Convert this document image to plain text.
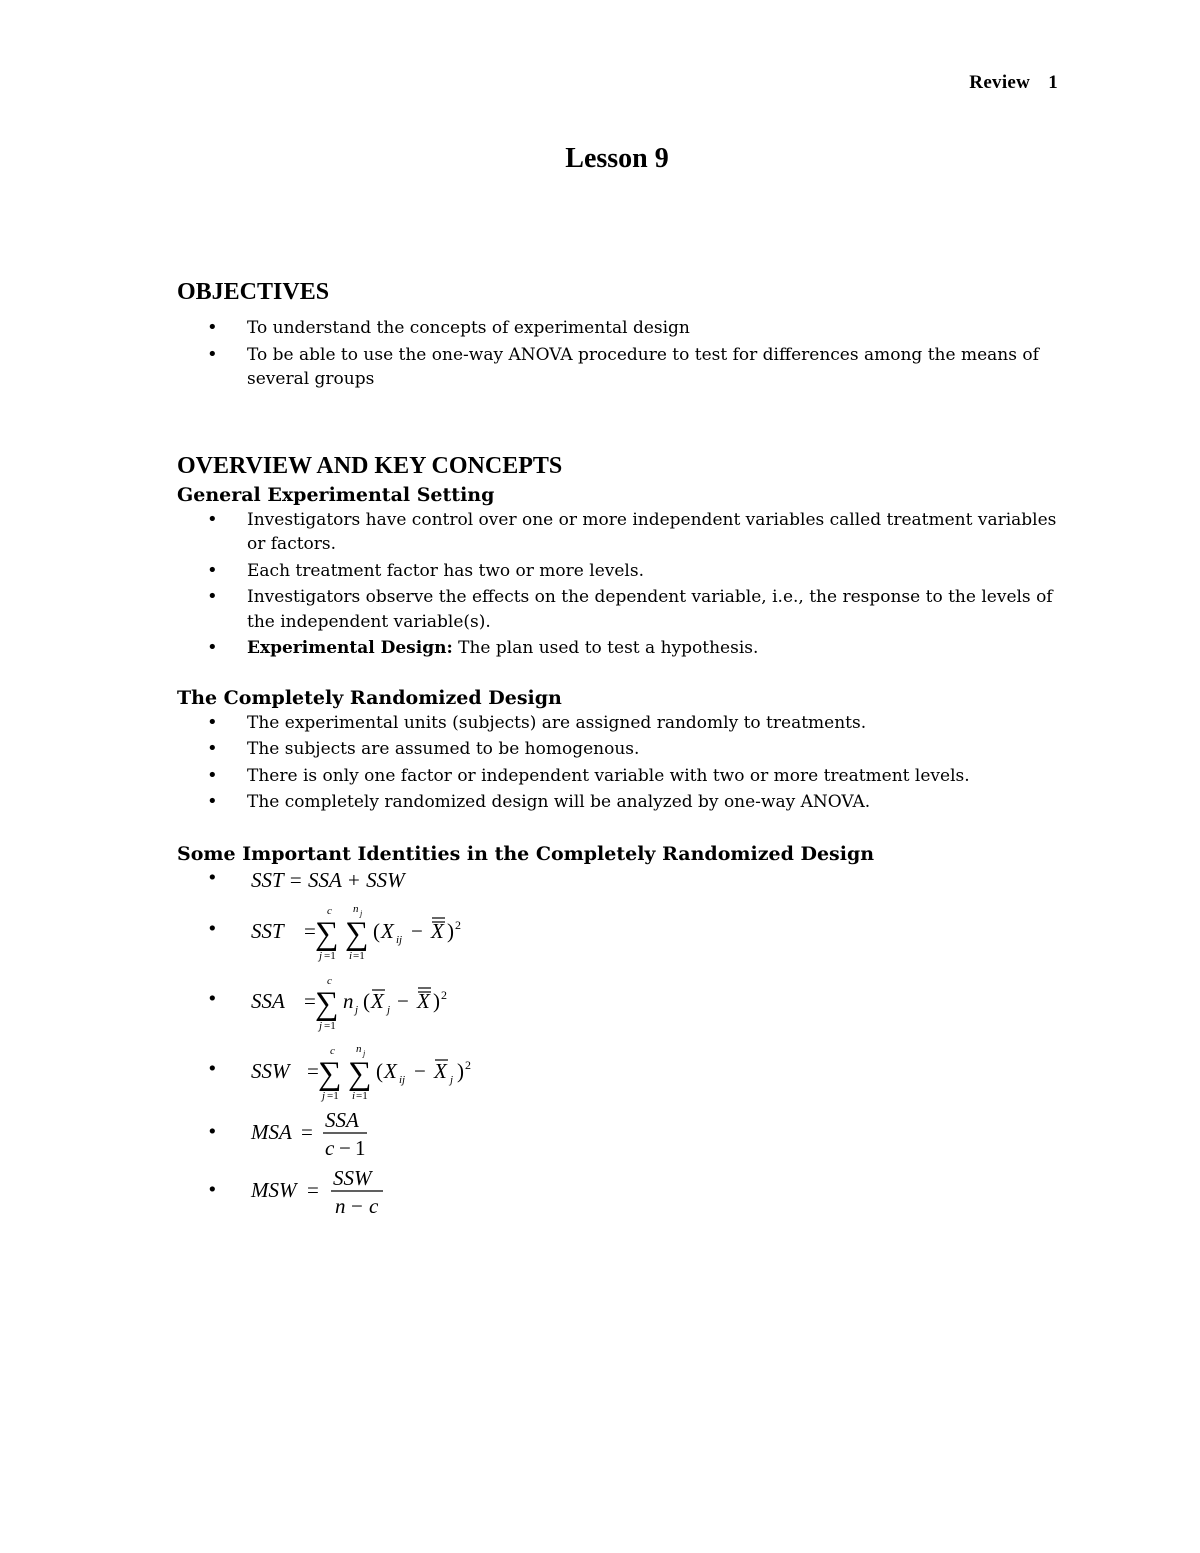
Review 1
Lesson 9
OBJECTIVES
• To understand the concepts of experimental design
• To be able to use the one-way ANOVA procedure to test for differences among the means of several groups
OVERVIEW AND KEY CONCEPTS
General Experimental Setting
• Investigators have control over one or more independent variables called treatment variables or factors.
• Each treatment factor has two or more levels.
• Investigators observe the effects on the dependent variable, i.e., the response to the levels of the independent variable(s).
• Experimental Design: The plan used to test a hypothesis.
The Completely Randomized Design
• The experimental units (subjects) are assigned randomly to treatments.
• The subjects are assumed to be homogenous.
• There is only one factor or independent variable with two or more treatment levels.
• The completely randomized design will be analyzed by one-way ANOVA.
Some Important Identities in the Completely Randomized Design
• SST = SSA + SSW
• SST =
c
∑
j =1
n j
∑
i =1
( X ij − X ) 2
• SSA =
c
∑
j =1
n j ( X j − X ) 2
• SSW =
c
∑
j =1
n j
∑
i =1
( X ij − X j ) 2
• MSA = SSA
c − 1
• MSW = SSW
n − c
